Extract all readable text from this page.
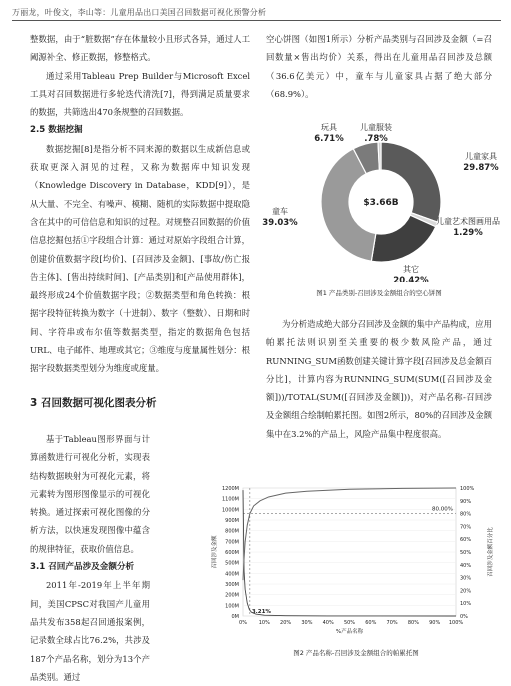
万丽龙，叶俊文，李山等：儿童用品出口美国召回数据可视化预警分析

整数据，由于“脏数据”存在体量较小且形式各异，通过人工阈源补全、修正数据，修整格式。

通过采用Tableau Prep Builder与Microsoft Excel工具对召回数据进行多轮迭代清洗[7]，得到满足质量要求的数据，共筛选出470条规整的召回数据。

2.5 数据挖掘

数据挖掘[8]是指分析不同来源的数据以生成新信息或获取更深入洞见的过程，又称为数据库中知识发现（Knowledge Discovery in Database，KDD[9]），是从大量、不完全、有噪声、模糊、随机的实际数据中提取隐含在其中的可信信息和知识的过程。对规整召回数据的价值信息挖掘包括①字段组合计算：通过对原始字段组合计算，创建价值数据字段[均价]、[召回涉及金额]、[事故/伤亡报告主体]、[售出持续时间]、[产品类别]和[产品使用群体]，最终形成24个价值数据字段；②数据类型和角色转换：根据字段特征转换为数字（十进制）、数字（整数）、日期和时间、字符串或布尔值等数据类型，指定的数据角色包括URL、电子邮件、地理或其它；③维度与度量属性划分：根据字段数据类型划分为维度或度量。

3 召回数据可视化图表分析

基于Tableau图形界面与计算函数进行可视化分析，实现表结构数据映射为可视化元素，将元素转为图形图像显示的可视化转换。通过探索可视化图像的分析方法，以快速发现图像中蕴含的规律特征，获取价值信息。

3.1 召回产品涉及金额分析

2011年-2019年上半年期间，美国CPSC对我国产儿童用品共发布358起召回通报案例，记录数全球占比76.2%，共涉及187个产品名称，划分为13个产品类别。通过

空心饼图（如图1所示）分析产品类别与召回涉及金额（=召回数量×售出均价）关系，得出在儿童用品召回涉及总额（36.6亿美元）中，童车与儿童家具占据了绝大部分（68.9%）。

儿童家具
29.87%
儿童艺术图画用品
1.29%
其它
20.42%
童车
39.03%
玩具
6.71%
儿童服装
.78%
$3.66B
图1 产品类别-召回涉及金额组合的空心饼图

为分析造成绝大部分召回涉及金额的集中产品构成，应用帕累托法则识别至关重要的极少数风险产品，通过RUNNING_SUM函数创建关键计算字段[召回涉及总金额百分比]，计算内容为RUNNING_SUM(SUM([召回涉及金额]))/TOTAL(SUM([召回涉及金额]))，对产品名称-召回涉及金额组合绘制帕累托图。如图2所示，80%的召回涉及金额集中在3.2%的产品上，风险产品集中程度很高。

0M
100M
200M
300M
400M
500M
600M
700M
800M
900M
1000M
1100M
1200M
0%
10%
20%
30%
40%
50%
60%
70%
80%
90%
100%
0% 10% 20% 30% 40% 50% 60% 70% 80% 90% 100%
%产品名称
召回涉及金额	召回涉及金额百分比
80.00%
3.21%
图2 产品名称-召回涉及金额组合的帕累托图
